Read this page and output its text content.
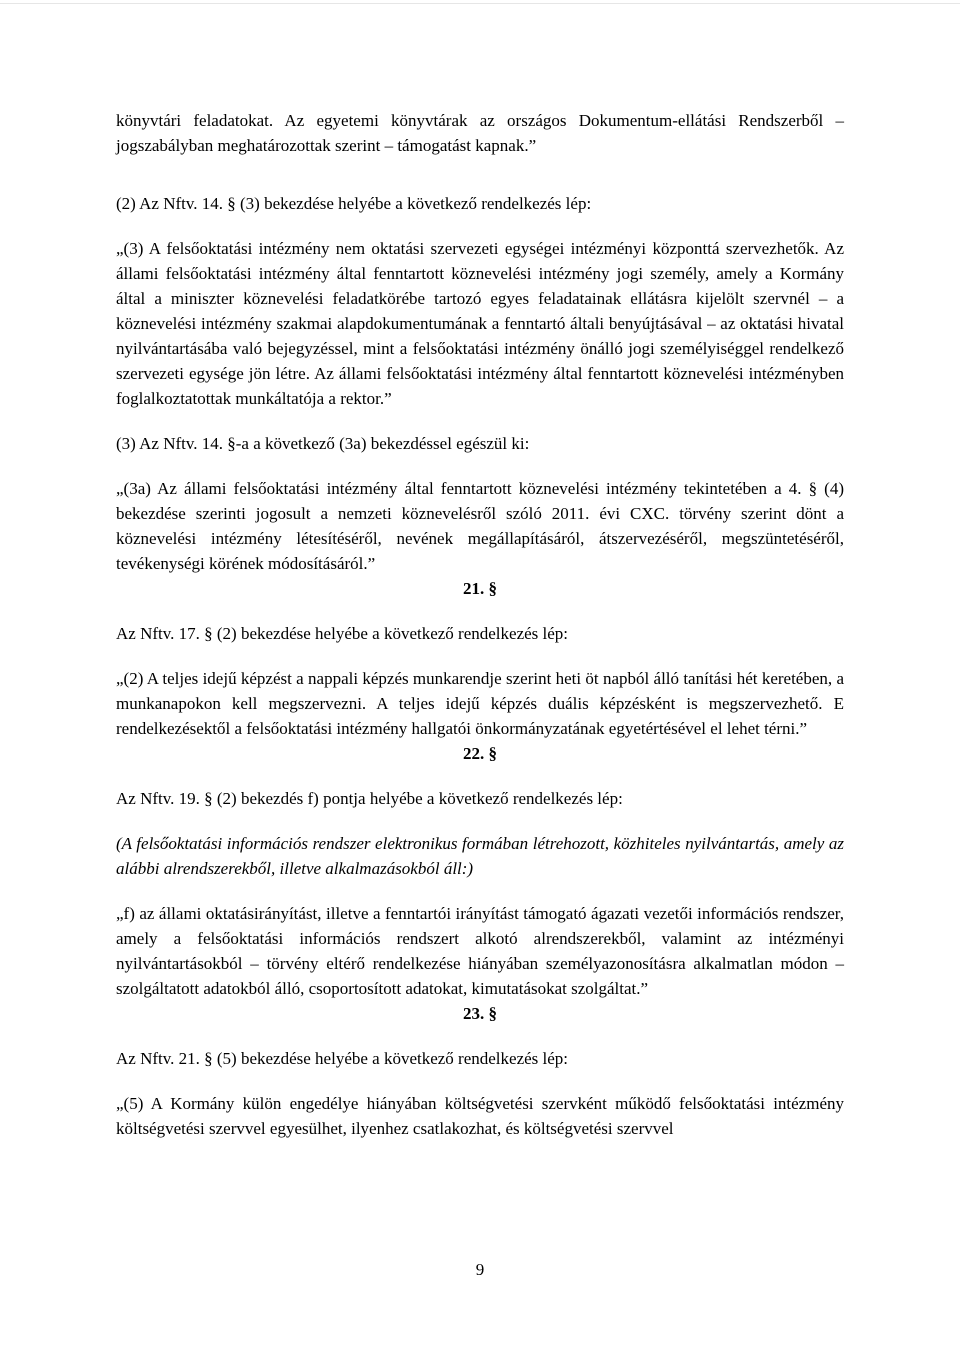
könyvtári feladatokat. Az egyetemi könyvtárak az országos Dokumentum-ellátási Rendszerből – jogszabályban meghatározottak szerint – támogatást kapnak.”

(2) Az Nftv. 14. § (3) bekezdése helyébe a következő rendelkezés lép:

„(3) A felsőoktatási intézmény nem oktatási szervezeti egységei intézményi központtá szervezhetők. Az állami felsőoktatási intézmény által fenntartott köznevelési intézmény jogi személy, amely a Kormány által a miniszter köznevelési feladatkörébe tartozó egyes feladatainak ellátásra kijelölt szervnél – a köznevelési intézmény szakmai alapdokumentumának a fenntartó általi benyújtásával – az oktatási hivatal nyilvántartásába való bejegyzéssel, mint a felsőoktatási intézmény önálló jogi személyiséggel rendelkező szervezeti egysége jön létre. Az állami felsőoktatási intézmény által fenntartott köznevelési intézményben foglalkoztatottak munkáltatója a rektor.”

(3) Az Nftv. 14. §-a a következő (3a) bekezdéssel egészül ki:

„(3a) Az állami felsőoktatási intézmény által fenntartott köznevelési intézmény tekintetében a 4. § (4) bekezdése szerinti jogosult a nemzeti köznevelésről szóló 2011. évi CXC. törvény szerint dönt a köznevelési intézmény létesítéséről, nevének megállapításáról, átszervezéséről, megszüntetéséről, tevékenységi körének módosításáról.”

21. §

Az Nftv. 17. § (2) bekezdése helyébe a következő rendelkezés lép:

„(2) A teljes idejű képzést a nappali képzés munkarendje szerint heti öt napból álló tanítási hét keretében, a munkanapokon kell megszervezni. A teljes idejű képzés duális képzésként is megszervezhető. E rendelkezésektől a felsőoktatási intézmény hallgatói önkormányzatának egyetértésével el lehet térni.”

22. §

Az Nftv. 19. § (2) bekezdés f) pontja helyébe a következő rendelkezés lép:

(A felsőoktatási információs rendszer elektronikus formában létrehozott, közhiteles nyilvántartás, amely az alábbi alrendszerekből, illetve alkalmazásokból áll:)

„f) az állami oktatásirányítást, illetve a fenntartói irányítást támogató ágazati vezetői információs rendszer, amely a felsőoktatási információs rendszert alkotó alrendszerekből, valamint az intézményi nyilvántartásokból – törvény eltérő rendelkezése hiányában személyazonosításra alkalmatlan módon – szolgáltatott adatokból álló, csoportosított adatokat, kimutatásokat szolgáltat.”

23. §

Az Nftv. 21. § (5) bekezdése helyébe a következő rendelkezés lép:

„(5) A Kormány külön engedélye hiányában költségvetési szervként működő felsőoktatási intézmény költségvetési szervvel egyesülhet, ilyenhez csatlakozhat, és költségvetési szervvel

9
